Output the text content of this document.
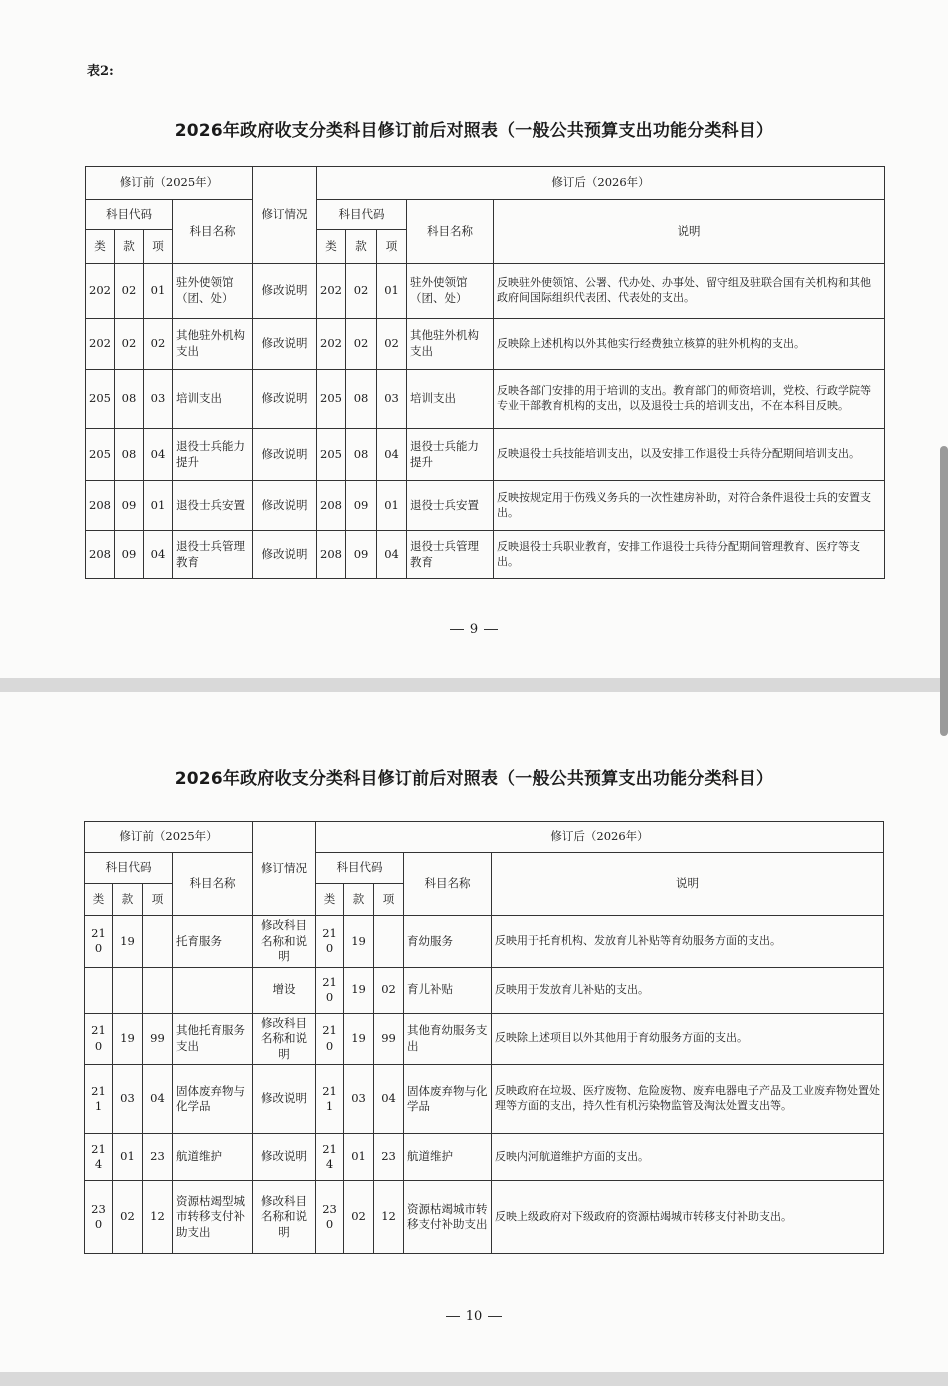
表2:
2026年政府收支分类科目修订前后对照表（一般公共预算支出功能分类科目）
修订前（2025年）				修订情况	修订后（2026年）				
科目代码			科目名称		科目代码			科目名称	说明
类	款	项			类	款	项		
202	02	01	驻外使领馆（团、处）	修改说明	202	02	01	驻外使领馆（团、处）	反映驻外使领馆、公署、代办处、办事处、留守组及驻联合国有关机构和其他政府间国际组织代表团、代表处的支出。
202	02	02	其他驻外机构支出	修改说明	202	02	02	其他驻外机构支出	反映除上述机构以外其他实行经费独立核算的驻外机构的支出。
205	08	03	培训支出	修改说明	205	08	03	培训支出	反映各部门安排的用于培训的支出。教育部门的师资培训，党校、行政学院等专业干部教育机构的支出，以及退役士兵的培训支出，不在本科目反映。
205	08	04	退役士兵能力提升	修改说明	205	08	04	退役士兵能力提升	反映退役士兵技能培训支出，以及安排工作退役士兵待分配期间培训支出。
208	09	01	退役士兵安置	修改说明	208	09	01	退役士兵安置	反映按规定用于伤残义务兵的一次性建房补助，对符合条件退役士兵的安置支出。
208	09	04	退役士兵管理教育	修改说明	208	09	04	退役士兵管理教育	反映退役士兵职业教育，安排工作退役士兵待分配期间管理教育、医疗等支出。
9
2026年政府收支分类科目修订前后对照表（一般公共预算支出功能分类科目）
修订前（2025年）				修订情况	修订后（2026年）				
科目代码			科目名称		科目代码			科目名称	说明
类	款	项			类	款	项		
210	19		托育服务	修改科目名称和说明	210	19		育幼服务	反映用于托育机构、发放育儿补贴等育幼服务方面的支出。
				增设	210	19	02	育儿补贴	反映用于发放育儿补贴的支出。
210	19	99	其他托育服务支出	修改科目名称和说明	210	19	99	其他育幼服务支出	反映除上述项目以外其他用于育幼服务方面的支出。
211	03	04	固体废弃物与化学品	修改说明	211	03	04	固体废弃物与化学品	反映政府在垃圾、医疗废物、危险废物、废弃电器电子产品及工业废弃物处置处理等方面的支出，持久性有机污染物监管及淘汰处置支出等。
214	01	23	航道维护	修改说明	214	01	23	航道维护	反映内河航道维护方面的支出。
230	02	12	资源枯竭型城市转移支付补助支出	修改科目名称和说明	230	02	12	资源枯竭城市转移支付补助支出	反映上级政府对下级政府的资源枯竭城市转移支付补助支出。
10
